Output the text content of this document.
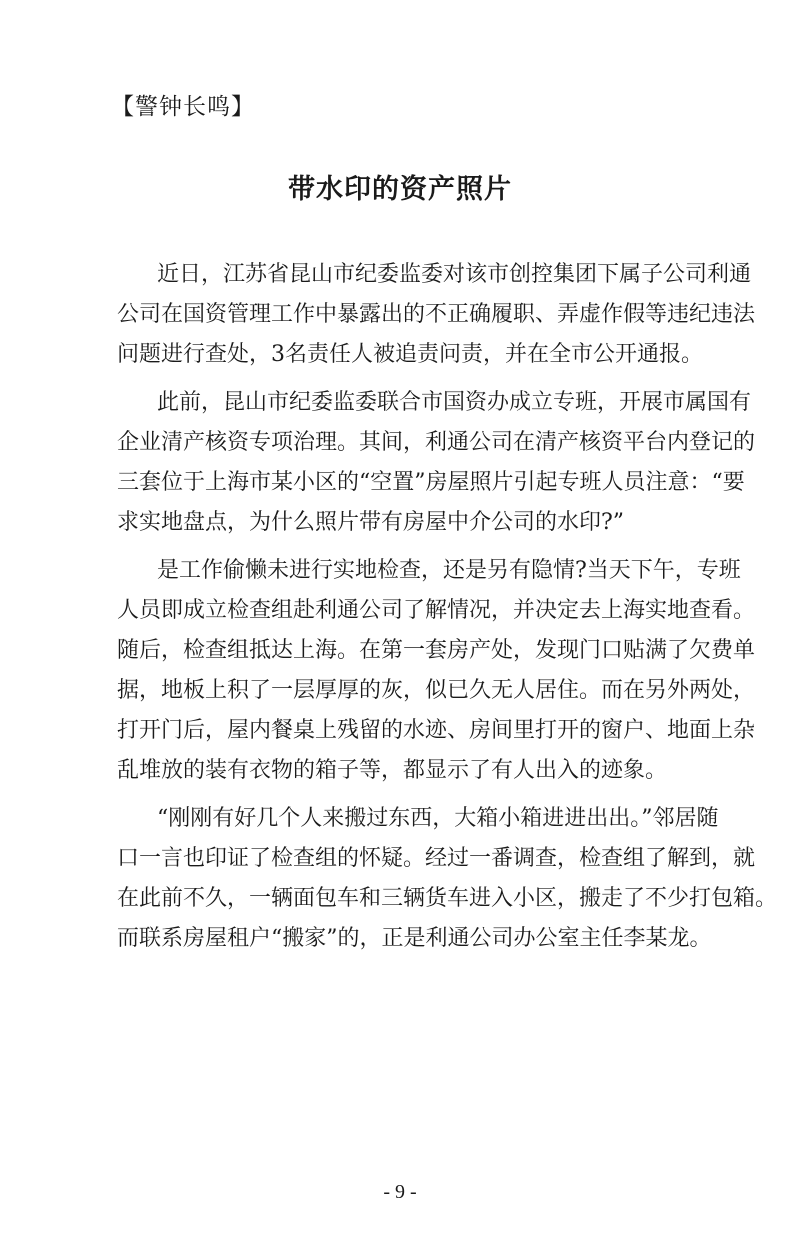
【警钟长鸣】
带水印的资产照片
近日，江苏省昆山市纪委监委对该市创控集团下属子公司利通
公司在国资管理工作中暴露出的不正确履职、弄虚作假等违纪违法
问题进行查处，3名责任人被追责问责，并在全市公开通报。
此前，昆山市纪委监委联合市国资办成立专班，开展市属国有
企业清产核资专项治理。其间，利通公司在清产核资平台内登记的
三套位于上海市某小区的“空置”房屋照片引起专班人员注意：“要
求实地盘点，为什么照片带有房屋中介公司的水印?”
是工作偷懒未进行实地检查，还是另有隐情?当天下午，专班
人员即成立检查组赴利通公司了解情况，并决定去上海实地查看。
随后，检查组抵达上海。在第一套房产处，发现门口贴满了欠费单
据，地板上积了一层厚厚的灰，似已久无人居住。而在另外两处，
打开门后，屋内餐桌上残留的水迹、房间里打开的窗户、地面上杂
乱堆放的装有衣物的箱子等，都显示了有人出入的迹象。
“刚刚有好几个人来搬过东西，大箱小箱进进出出。”邻居随
口一言也印证了检查组的怀疑。经过一番调查，检查组了解到，就
在此前不久，一辆面包车和三辆货车进入小区，搬走了不少打包箱。
而联系房屋租户“搬家”的，正是利通公司办公室主任李某龙。
- 9 -
